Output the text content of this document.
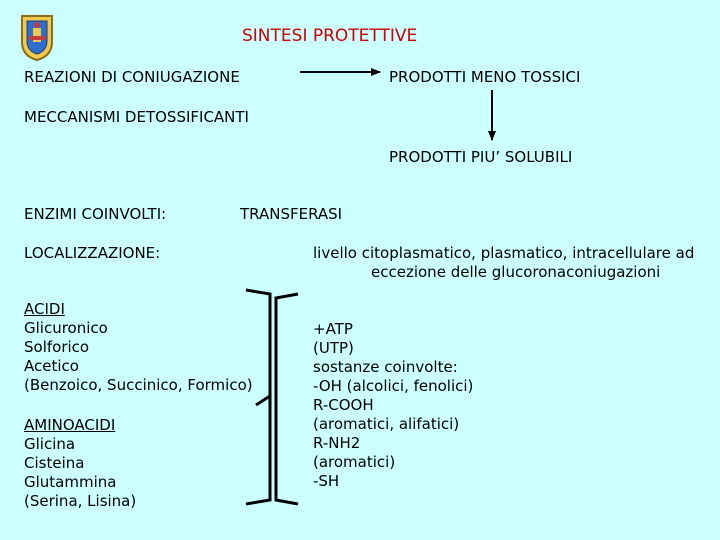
SINTESI PROTETTIVE
REAZIONI DI CONIUGAZIONE	PRODOTTI MENO TOSSICI
MECCANISMI DETOSSIFICANTI
PRODOTTI PIU’ SOLUBILI
ENZIMI COINVOLTI:	TRANSFERASI
LOCALIZZAZIONE:	livello citoplasmatico, plasmatico, intracellulare ad
eccezione delle glucoronaconiugazioni
ACIDI
Glicuronico
Solforico
Acetico
(Benzoico, Succinico, Formico)
AMINOACIDI
Glicina
Cisteina
Glutammina
(Serina, Lisina)
+ATP
(UTP)
sostanze coinvolte:
-OH (alcolici, fenolici)
R-COOH
(aromatici, alifatici)
R-NH2
(aromatici)
-SH
